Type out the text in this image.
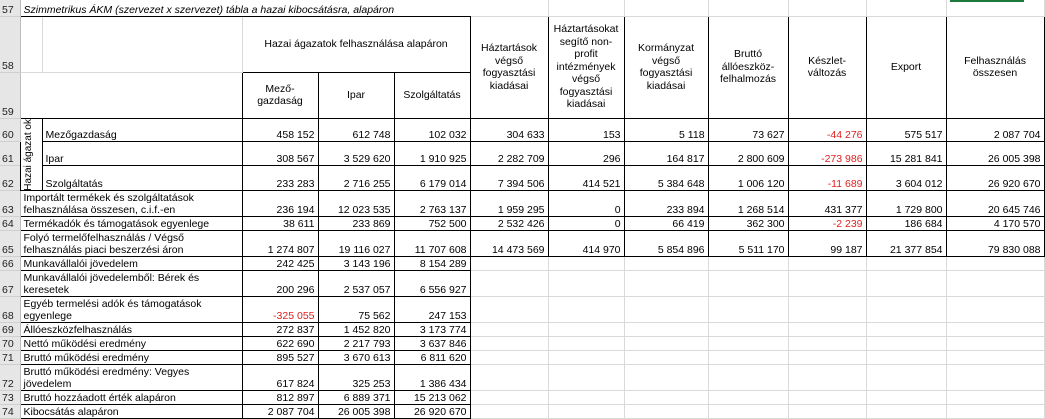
57	Szimmetrikus ÁKM (szervezet x szervezet) tábla a hazai kibocsátásra, alapáron											
58			Hazai ágazatok felhasználása alapáron			Háztartások végső fogyasztási kiadásai	Háztartásokat segítő non-profit intézmények végső fogyasztási kiadásai	Kormányzat végső fogyasztási kiadásai	Bruttó állóeszköz-felhalmozás	Készlet-változás	Export	Felhasználás összesen
59			Mező-gazdaság	Ipar	Szolgáltatás							
60	Hazai ágazat ok	Mezőgazdaság	458 152	612 748	102 032	304 633	153	5 118	73 627	-44 276	575 517	2 087 704
61		Ipar	308 567	3 529 620	1 910 925	2 282 709	296	164 817	2 800 609	-273 986	15 281 841	26 005 398
62		Szolgáltatás	233 283	2 716 255	6 179 014	7 394 506	414 521	5 384 648	1 006 120	-11 689	3 604 012	26 920 670
63	Importált termékek és szolgáltatások felhasználása összesen, c.i.f.-en		236 194	12 023 535	2 763 137	1 959 295	0	233 894	1 268 514	431 377	1 729 800	20 645 746
64	Termékadók és támogatások egyenlege		38 611	233 869	752 500	2 532 426	0	66 419	362 300	-2 239	186 684	4 170 570
65	Folyó termelőfelhasználás / Végső felhasználás piaci beszerzési áron		1 274 807	19 116 027	11 707 608	14 473 569	414 970	5 854 896	5 511 170	99 187	21 377 854	79 830 088
66	Munkavállalói jövedelem		242 425	3 143 196	8 154 289							
67	Munkavállalói jövedelemből: Bérek és keresetek		200 296	2 537 057	6 556 927							
68	Egyéb termelési adók és támogatások egyenlege		-325 055	75 562	247 153							
69	Állóeszközfelhasználás		272 837	1 452 820	3 173 774							
70	Nettó működési eredmény		622 690	2 217 793	3 637 846							
71	Bruttó működési eredmény		895 527	3 670 613	6 811 620							
72	Bruttó működési eredmény: Vegyes jövedelem		617 824	325 253	1 386 434							
73	Bruttó hozzáadott érték alapáron		812 897	6 889 371	15 213 062							
74	Kibocsátás alapáron		2 087 704	26 005 398	26 920 670							
